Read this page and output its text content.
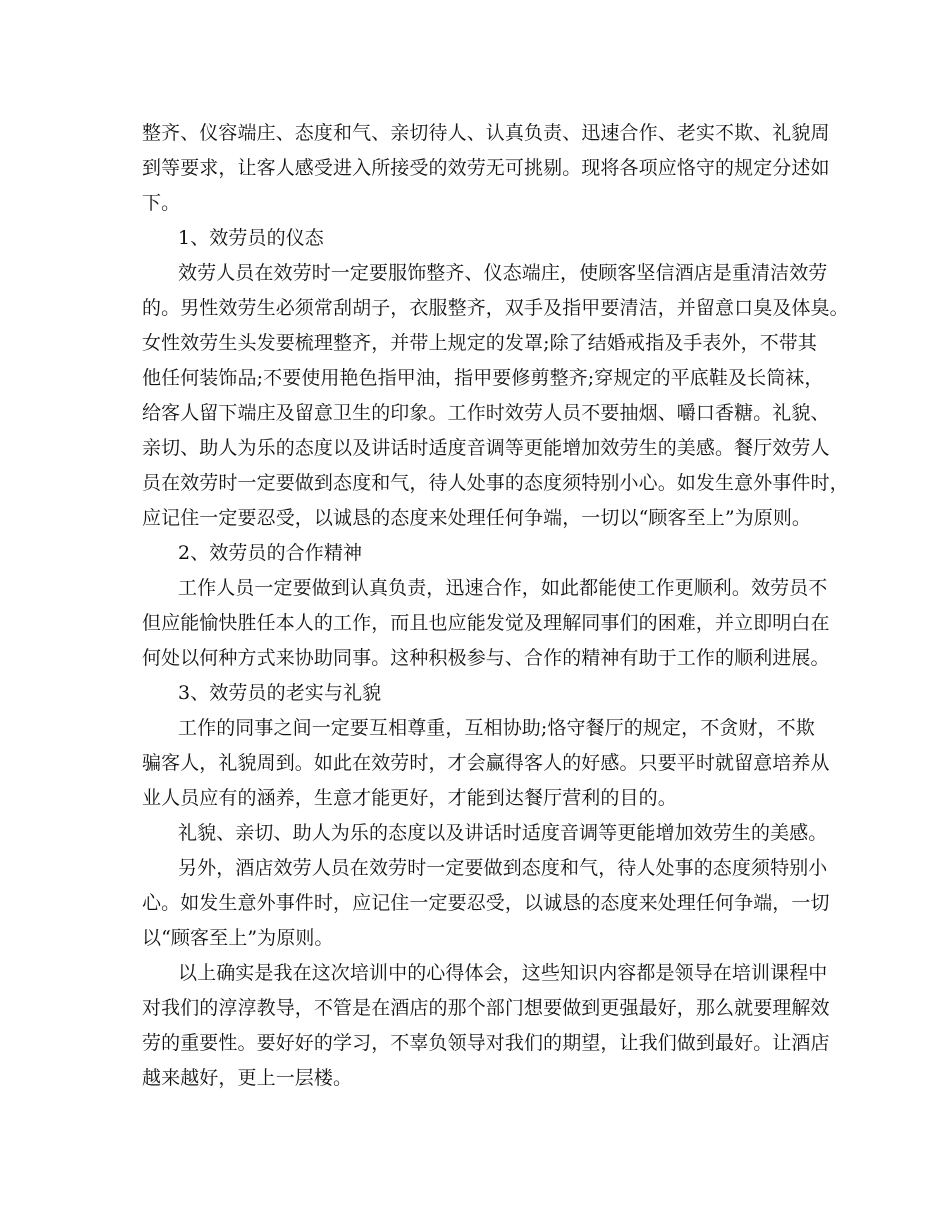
整齐、仪容端庄、态度和气、亲切待人、认真负责、迅速合作、老实不欺、礼貌周
到等要求，让客人感受进入所接受的效劳无可挑剔。现将各项应恪守的规定分述如
下。
1、效劳员的仪态
效劳人员在效劳时一定要服饰整齐、仪态端庄，使顾客坚信酒店是重清洁效劳
的。男性效劳生必须常刮胡子，衣服整齐，双手及指甲要清洁，并留意口臭及体臭。
女性效劳生头发要梳理整齐，并带上规定的发罩;除了结婚戒指及手表外，不带其
他任何装饰品;不要使用艳色指甲油，指甲要修剪整齐;穿规定的平底鞋及长筒袜，
给客人留下端庄及留意卫生的印象。工作时效劳人员不要抽烟、嚼口香糖。礼貌、
亲切、助人为乐的态度以及讲话时适度音调等更能增加效劳生的美感。餐厅效劳人
员在效劳时一定要做到态度和气，待人处事的态度须特别小心。如发生意外事件时，
应记住一定要忍受，以诚恳的态度来处理任何争端，一切以“顾客至上”为原则。
2、效劳员的合作精神
工作人员一定要做到认真负责，迅速合作，如此都能使工作更顺利。效劳员不
但应能愉快胜任本人的工作，而且也应能发觉及理解同事们的困难，并立即明白在
何处以何种方式来协助同事。这种积极参与、合作的精神有助于工作的顺利进展。
3、效劳员的老实与礼貌
工作的同事之间一定要互相尊重，互相协助;恪守餐厅的规定，不贪财，不欺
骗客人，礼貌周到。如此在效劳时，才会赢得客人的好感。只要平时就留意培养从
业人员应有的涵养，生意才能更好，才能到达餐厅营利的目的。
礼貌、亲切、助人为乐的态度以及讲话时适度音调等更能增加效劳生的美感。
另外，酒店效劳人员在效劳时一定要做到态度和气，待人处事的态度须特别小
心。如发生意外事件时，应记住一定要忍受，以诚恳的态度来处理任何争端，一切
以“顾客至上”为原则。
以上确实是我在这次培训中的心得体会，这些知识内容都是领导在培训课程中
对我们的淳淳教导，不管是在酒店的那个部门想要做到更强最好，那么就要理解效
劳的重要性。要好好的学习，不辜负领导对我们的期望，让我们做到最好。让酒店
越来越好，更上一层楼。
